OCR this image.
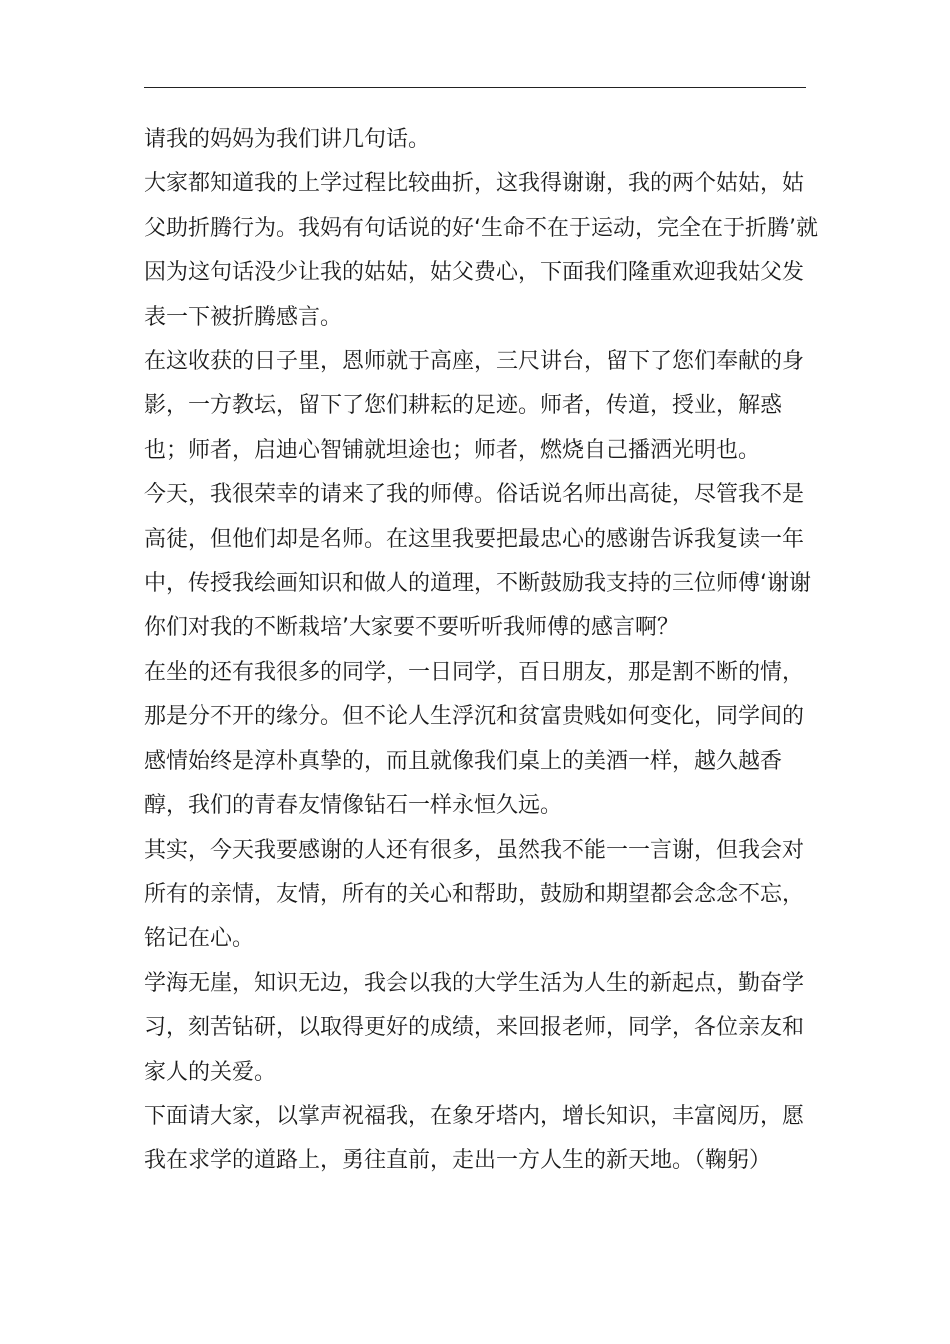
请我的妈妈为我们讲几句话。

大家都知道我的上学过程比较曲折，这我得谢谢，我的两个姑姑，姑父助折腾行为。我妈有句话说的好‘生命不在于运动，完全在于折腾’就因为这句话没少让我的姑姑，姑父费心，下面我们隆重欢迎我姑父发表一下被折腾感言。

在这收获的日子里，恩师就于高座，三尺讲台，留下了您们奉献的身影，一方教坛，留下了您们耕耘的足迹。师者，传道，授业，解惑也；师者，启迪心智铺就坦途也；师者，燃烧自己播洒光明也。

今天，我很荣幸的请来了我的师傅。俗话说名师出高徒，尽管我不是高徒，但他们却是名师。在这里我要把最忠心的感谢告诉我复读一年中，传授我绘画知识和做人的道理，不断鼓励我支持的三位师傅‘谢谢你们对我的不断栽培’大家要不要听听我师傅的感言啊？

在坐的还有我很多的同学，一日同学，百日朋友，那是割不断的情，那是分不开的缘分。但不论人生浮沉和贫富贵贱如何变化，同学间的感情始终是淳朴真挚的，而且就像我们桌上的美酒一样，越久越香醇，我们的青春友情像钻石一样永恒久远。

其实，今天我要感谢的人还有很多，虽然我不能一一言谢，但我会对所有的亲情，友情，所有的关心和帮助，鼓励和期望都会念念不忘，铭记在心。

学海无崖，知识无边，我会以我的大学生活为人生的新起点，勤奋学习，刻苦钻研，以取得更好的成绩，来回报老师，同学，各位亲友和家人的关爱。

下面请大家，以掌声祝福我，在象牙塔内，增长知识，丰富阅历，愿我在求学的道路上，勇往直前，走出一方人生的新天地。（鞠躬）
